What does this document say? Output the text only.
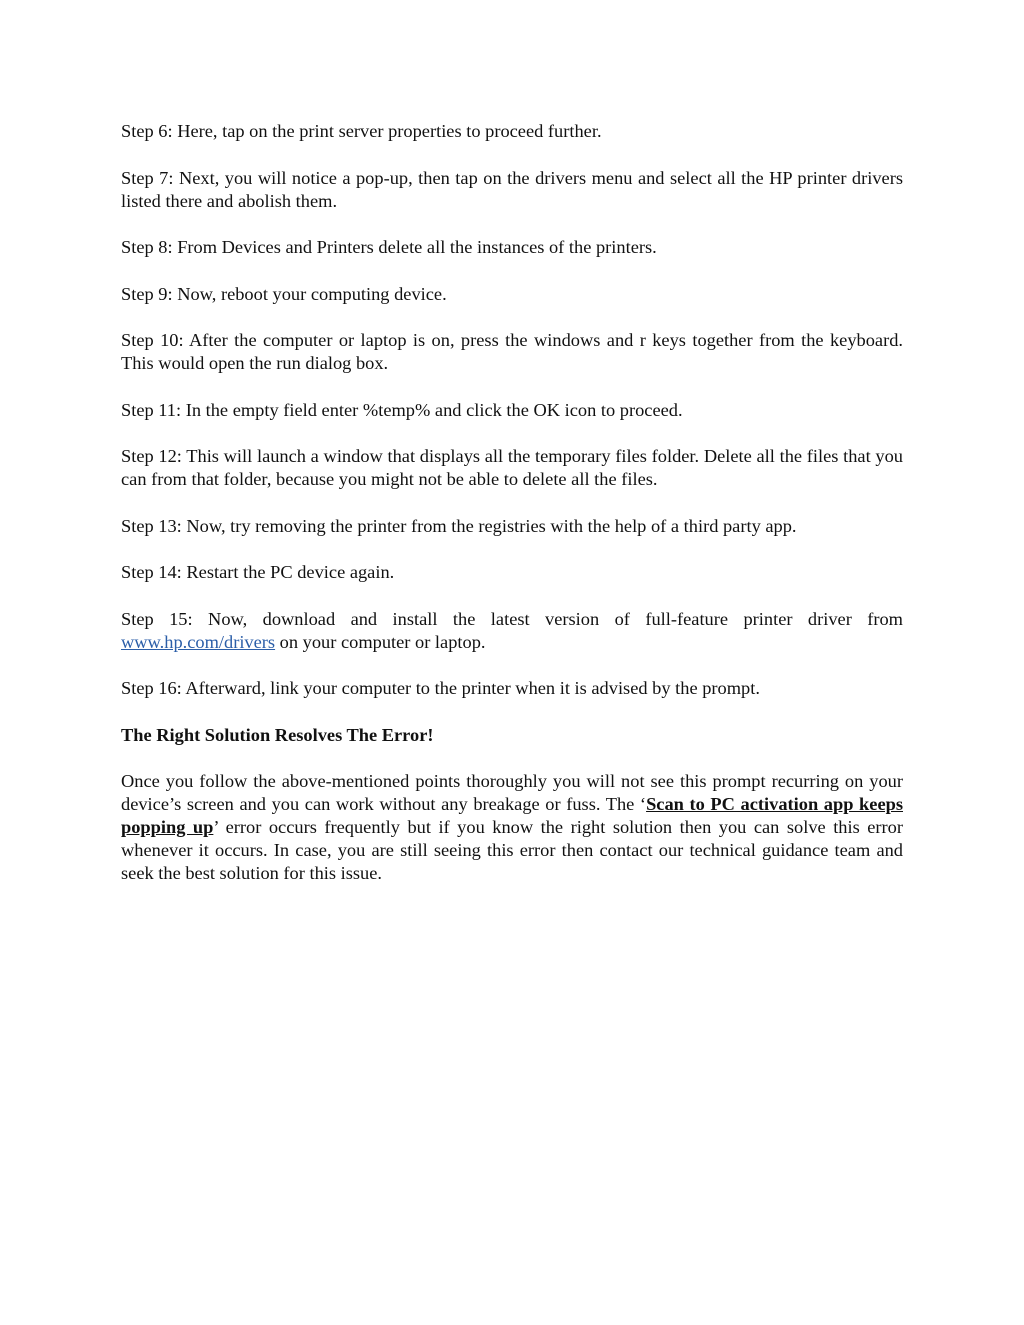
Step 6: Here, tap on the print server properties to proceed further.

Step 7: Next, you will notice a pop-up, then tap on the drivers menu and select all the HP printer drivers listed there and abolish them.

Step 8: From Devices and Printers delete all the instances of the printers.

Step 9: Now, reboot your computing device.

Step 10: After the computer or laptop is on, press the windows and r keys together from the keyboard. This would open the run dialog box.

Step 11: In the empty field enter %temp% and click the OK icon to proceed.

Step 12: This will launch a window that displays all the temporary files folder. Delete all the files that you can from that folder, because you might not be able to delete all the files.

Step 13: Now, try removing the printer from the registries with the help of a third party app.

Step 14: Restart the PC device again.

Step 15: Now, download and install the latest version of full-feature printer driver from www.hp.com/drivers on your computer or laptop.

Step 16: Afterward, link your computer to the printer when it is advised by the prompt.

The Right Solution Resolves The Error!

Once you follow the above-mentioned points thoroughly you will not see this prompt recurring on your device’s screen and you can work without any breakage or fuss. The ‘Scan to PC activation app keeps popping up’ error occurs frequently but if you know the right solution then you can solve this error whenever it occurs. In case, you are still seeing this error then contact our technical guidance team and seek the best solution for this issue.
